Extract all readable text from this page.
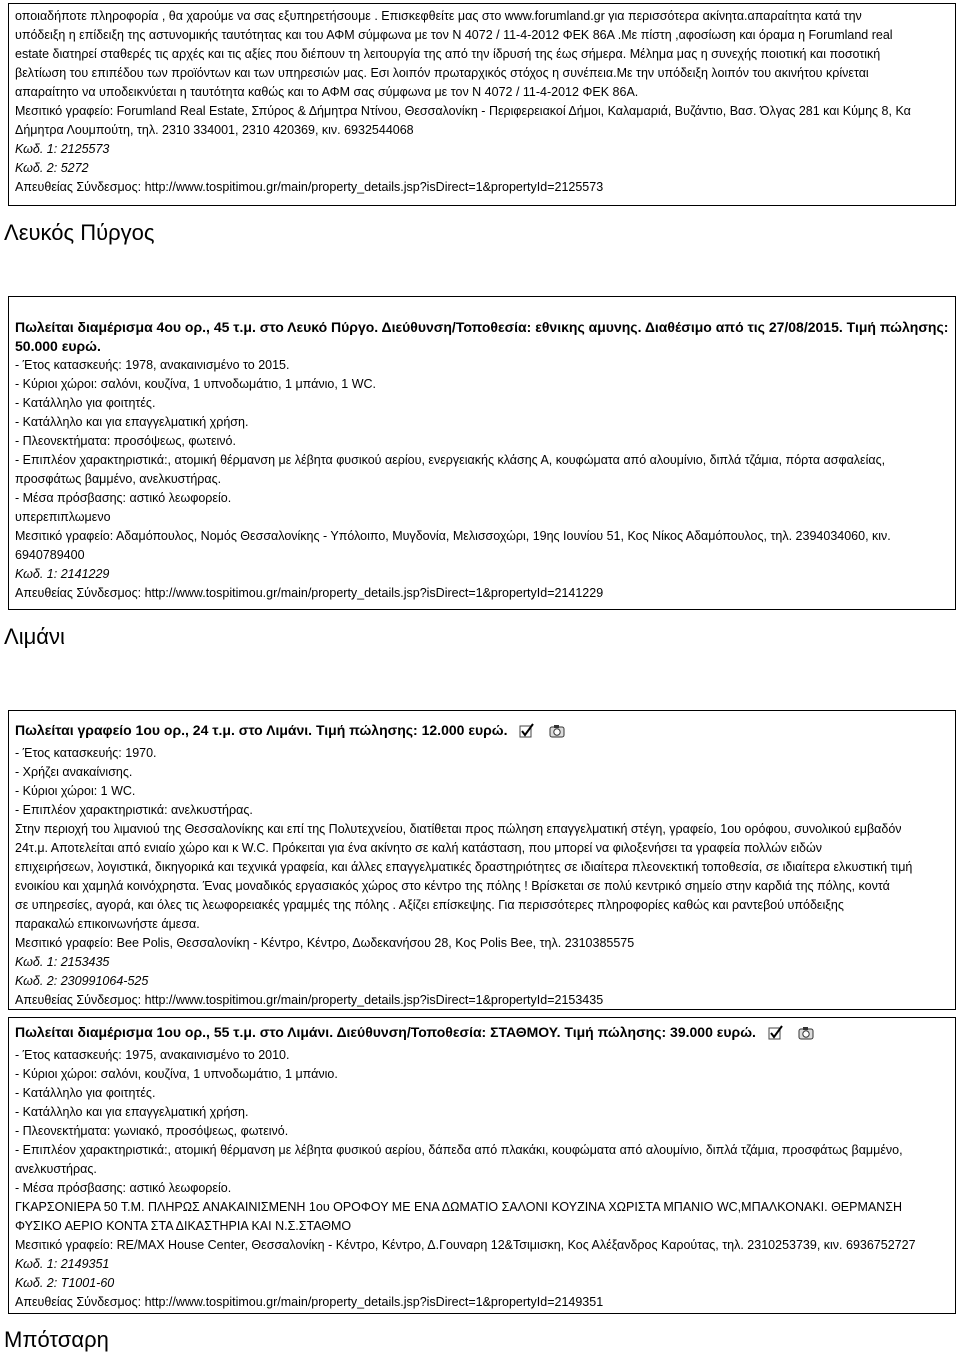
οποιαδήποτε πληροφορία , θα χαρούμε να σας εξυπηρετήσουμε . Επισκεφθείτε μας στο www.forumland.gr για περισσότερα ακίνητα.απαραίτητα κατά την
υπόδειξη η επίδειξη της αστυνομικής ταυτότητας και του ΑΦΜ σύμφωνα με τον Ν 4072 / 11-4-2012 ΦΕΚ 86Α .Με πίστη ,αφοσίωση και όραμα η Forumland real
estate διατηρεί σταθερές τις αρχές και τις αξίες που διέπουν τη λειτουργία της από την ίδρυσή της έως σήμερα. Μέλημα μας η συνεχής ποιοτική και ποσοτική
βελτίωση του επιπέδου των προϊόντων και των υπηρεσιών μας. Εσι λοιπόν πρωταρχικός στόχος η συνέπεια.Με την υπόδειξη λοιπόν του ακινήτου κρίνεται
απαραίτητο να υποδεικνύεται η ταυτότητα καθώς και το ΑΦΜ σας σύμφωνα με τον Ν 4072 / 11-4-2012 ΦΕΚ 86Α.
Μεσιτικό γραφείο: Forumland Real Estate, Σπύρος & Δήμητρα Ντίνου, Θεσσαλονίκη - Περιφερειακοί Δήμοι, Καλαμαριά, Βυζάντιο, Βασ. Όλγας 281 και Κύμης 8, Κα
Δήμητρα Λουμπούτη, τηλ. 2310 334001, 2310 420369, κιν. 6932544068
Κωδ. 1: 2125573
Κωδ. 2: 5272
Απευθείας Σύνδεσμος: http://www.tospitimou.gr/main/property_details.jsp?isDirect=1&propertyId=2125573
Λευκός Πύργος
Πωλείται διαμέρισμα 4ου ορ., 45 τ.μ. στο Λευκό Πύργο. Διεύθυνση/Τοποθεσία: εθνικης αμυνης. Διαθέσιμο από τις 27/08/2015. Τιμή πώλησης:
50.000 ευρώ.
- Έτος κατασκευής: 1978, ανακαινισμένο το 2015.
- Κύριοι χώροι: σαλόνι, κουζίνα, 1 υπνοδωμάτιο, 1 μπάνιο, 1 WC.
- Κατάλληλο για φοιτητές.
- Κατάλληλο και για επαγγελματική χρήση.
- Πλεονεκτήματα: προσόψεως, φωτεινό.
- Επιπλέον χαρακτηριστικά:, ατομική θέρμανση με λέβητα φυσικού αερίου, ενεργειακής κλάσης Α, κουφώματα από αλουμίνιο, διπλά τζάμια, πόρτα ασφαλείας,
προσφάτως βαμμένο, ανελκυστήρας.
- Μέσα πρόσβασης: αστικό λεωφορείο.
υπερεπιπλωμενο
Μεσιτικό γραφείο: Αδαμόπουλος, Νομός Θεσσαλονίκης - Υπόλοιπο, Μυγδονία, Μελισσοχώρι, 19ης Ιουνίου 51, Κος Νίκος Αδαμόπουλος, τηλ. 2394034060, κιν.
6940789400
Κωδ. 1: 2141229
Απευθείας Σύνδεσμος: http://www.tospitimou.gr/main/property_details.jsp?isDirect=1&propertyId=2141229
Λιμάνι
Πωλείται γραφείο 1ου ορ., 24 τ.μ. στο Λιμάνι. Τιμή πώλησης: 12.000 ευρώ.
- Έτος κατασκευής: 1970.
- Χρήζει ανακαίνισης.
- Κύριοι χώροι: 1 WC.
- Επιπλέον χαρακτηριστικά: ανελκυστήρας.
Στην περιοχή του λιμανιού της Θεσσαλονίκης και επί της Πολυτεχνείου, διατίθεται προς πώληση επαγγελματική στέγη, γραφείο, 1ου ορόφου, συνολικού εμβαδόν
24τ.μ. Αποτελείται από ενιαίο χώρο και κ W.C. Πρόκειται για ένα ακίνητο σε καλή κατάσταση, που μπορεί να φιλοξενήσει τα γραφεία πολλών ειδών
επιχειρήσεων, λογιστικά, δικηγορικά και τεχνικά γραφεία, και άλλες επαγγελματικές δραστηριότητες σε ιδιαίτερα πλεονεκτική τοποθεσία, σε ιδιαίτερα ελκυστική τιμή
ενοικίου και χαμηλά κοινόχρηστα. Ένας μοναδικός εργασιακός χώρος στο κέντρο της πόλης ! Βρίσκεται σε πολύ κεντρικό σημείο στην καρδιά της πόλης, κοντά
σε υπηρεσίες, αγορά, και όλες τις λεωφορειακές γραμμές της πόλης . Αξίζει επίσκεψης. Για περισσότερες πληροφορίες καθώς και ραντεβού υπόδειξης
παρακαλώ επικοινωνήστε άμεσα.
Μεσιτικό γραφείο: Bee Polis, Θεσσαλονίκη - Κέντρο, Κέντρο, Δωδεκανήσου 28, Κος Polis Bee, τηλ. 2310385575
Κωδ. 1: 2153435
Κωδ. 2: 230991064-525
Απευθείας Σύνδεσμος: http://www.tospitimou.gr/main/property_details.jsp?isDirect=1&propertyId=2153435
Πωλείται διαμέρισμα 1ου ορ., 55 τ.μ. στο Λιμάνι. Διεύθυνση/Τοποθεσία: ΣΤΑΘΜΟΥ. Τιμή πώλησης: 39.000 ευρώ.
- Έτος κατασκευής: 1975, ανακαινισμένο το 2010.
- Κύριοι χώροι: σαλόνι, κουζίνα, 1 υπνοδωμάτιο, 1 μπάνιο.
- Κατάλληλο για φοιτητές.
- Κατάλληλο και για επαγγελματική χρήση.
- Πλεονεκτήματα: γωνιακό, προσόψεως, φωτεινό.
- Επιπλέον χαρακτηριστικά:, ατομική θέρμανση με λέβητα φυσικού αερίου, δάπεδα από πλακάκι, κουφώματα από αλουμίνιο, διπλά τζάμια, προσφάτως βαμμένο,
ανελκυστήρας.
- Μέσα πρόσβασης: αστικό λεωφορείο.
ΓΚΑΡΣΟΝΙΕΡΑ 50 Τ.Μ. ΠΛΗΡΩΣ ΑΝΑΚΑΙΝΙΣΜΕΝΗ 1ου ΟΡΟΦΟΥ ΜΕ ΕΝΑ ΔΩΜΑΤΙΟ ΣΑΛΟΝΙ ΚΟΥΖΙΝΑ ΧΩΡΙΣΤΑ ΜΠΑΝΙΟ WC,ΜΠΑΛΚΟΝΑΚΙ. ΘΕΡΜΑΝΣΗ
ΦΥΣΙΚΟ ΑΕΡΙΟ ΚΟΝΤΑ ΣΤΑ ΔΙΚΑΣΤΗΡΙΑ ΚΑΙ Ν.Σ.ΣΤΑΘΜΟ
Μεσιτικό γραφείο: RE/MAX House Center, Θεσσαλονίκη - Κέντρο, Κέντρο, Δ.Γουναρη 12&Τσιμισκη, Κος Αλέξανδρος Καρούτας, τηλ. 2310253739, κιν. 6936752727
Κωδ. 1: 2149351
Κωδ. 2: T1001-60
Απευθείας Σύνδεσμος: http://www.tospitimou.gr/main/property_details.jsp?isDirect=1&propertyId=2149351
Μπότσαρη
